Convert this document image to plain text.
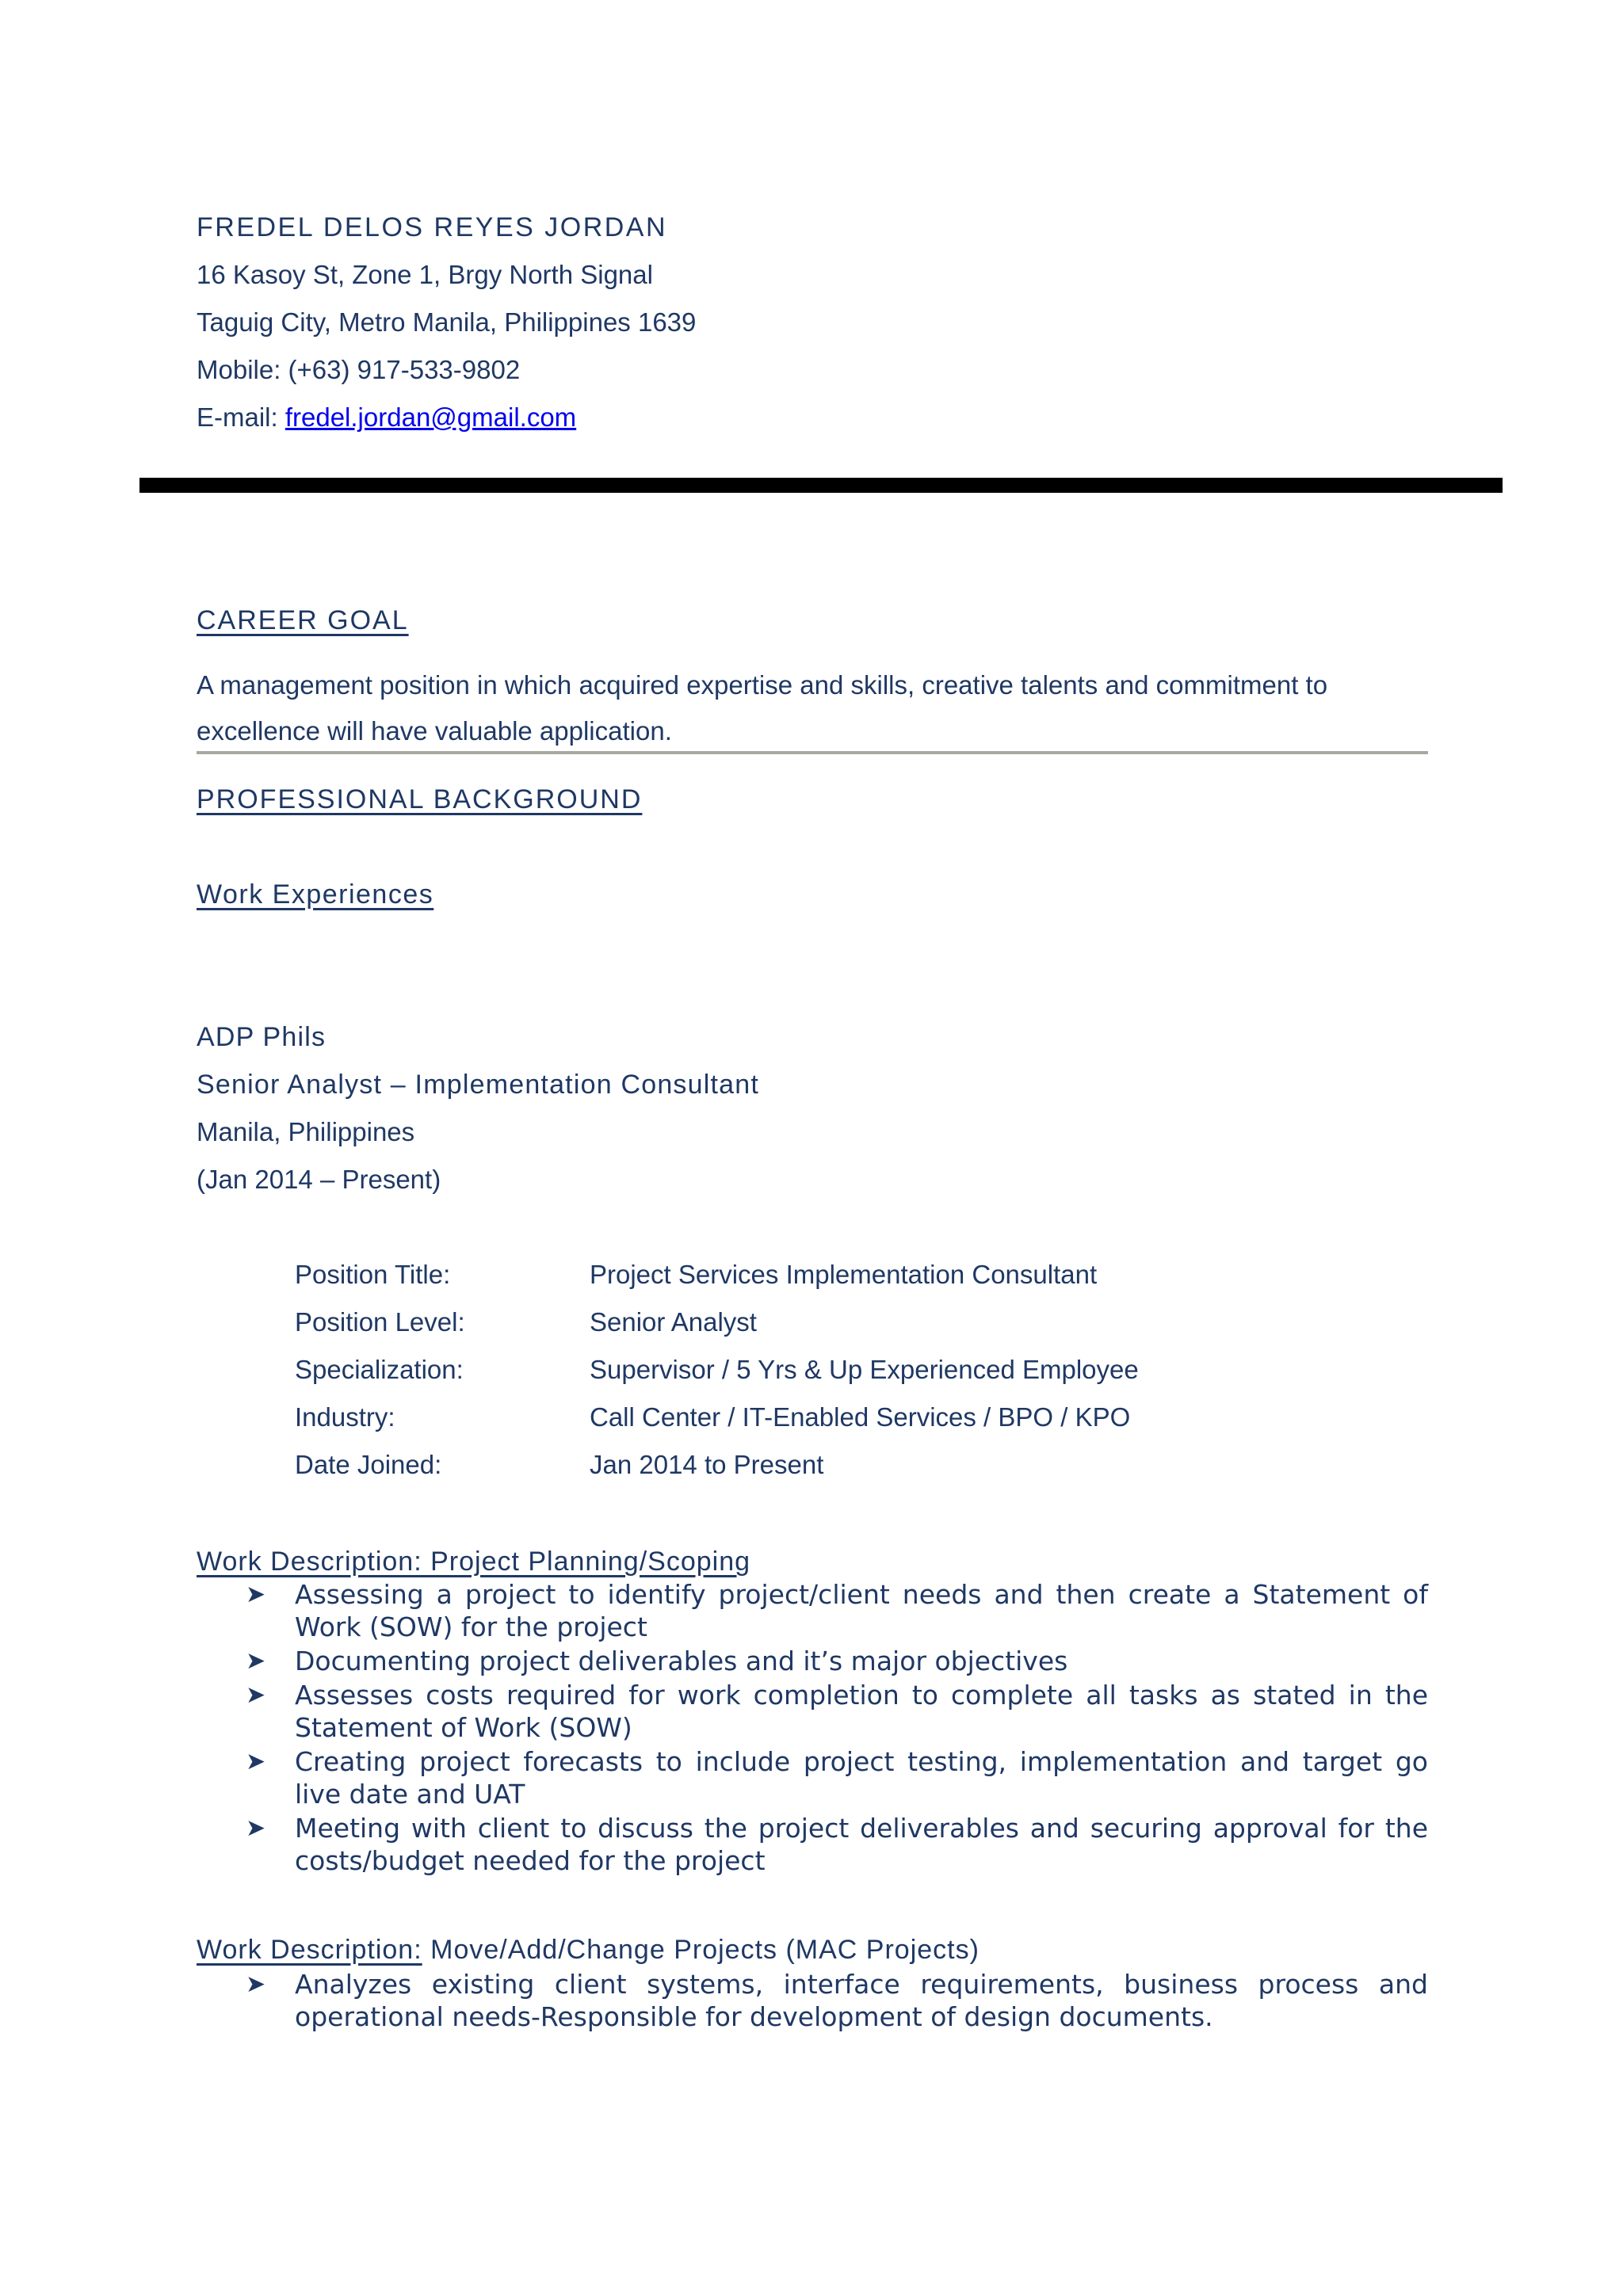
FREDEL DELOS REYES JORDAN
16 Kasoy St, Zone 1, Brgy North Signal
Taguig City, Metro Manila, Philippines 1639
Mobile: (+63) 917-533-9802
E-mail: fredel.jordan@gmail.com
CAREER GOAL
A management position in which acquired expertise and skills, creative talents and commitment to
excellence will have valuable application.
PROFESSIONAL BACKGROUND
Work Experiences
ADP Phils
Senior Analyst – Implementation Consultant
Manila, Philippines
(Jan 2014 – Present)
Position Title:	Project Services Implementation Consultant
Position Level:	Senior Analyst
Specialization:	Supervisor / 5 Yrs & Up Experienced Employee
Industry:	Call Center / IT-Enabled Services / BPO / KPO
Date Joined:	Jan 2014 to Present
Work Description: Project Planning/Scoping
➤ Assessing a project to identify project/client needs and then create a Statement of Work (SOW) for the project
➤ Documenting project deliverables and it’s major objectives
➤ Assesses costs required for work completion to complete all tasks as stated in the Statement of Work (SOW)
➤ Creating project forecasts to include project testing, implementation and target go live date and UAT
➤ Meeting with client to discuss the project deliverables and securing approval for the costs/budget needed for the project
Work Description: Move/Add/Change Projects (MAC Projects)
➤ Analyzes existing client systems, interface requirements, business process and operational needs-Responsible for development of design documents.
